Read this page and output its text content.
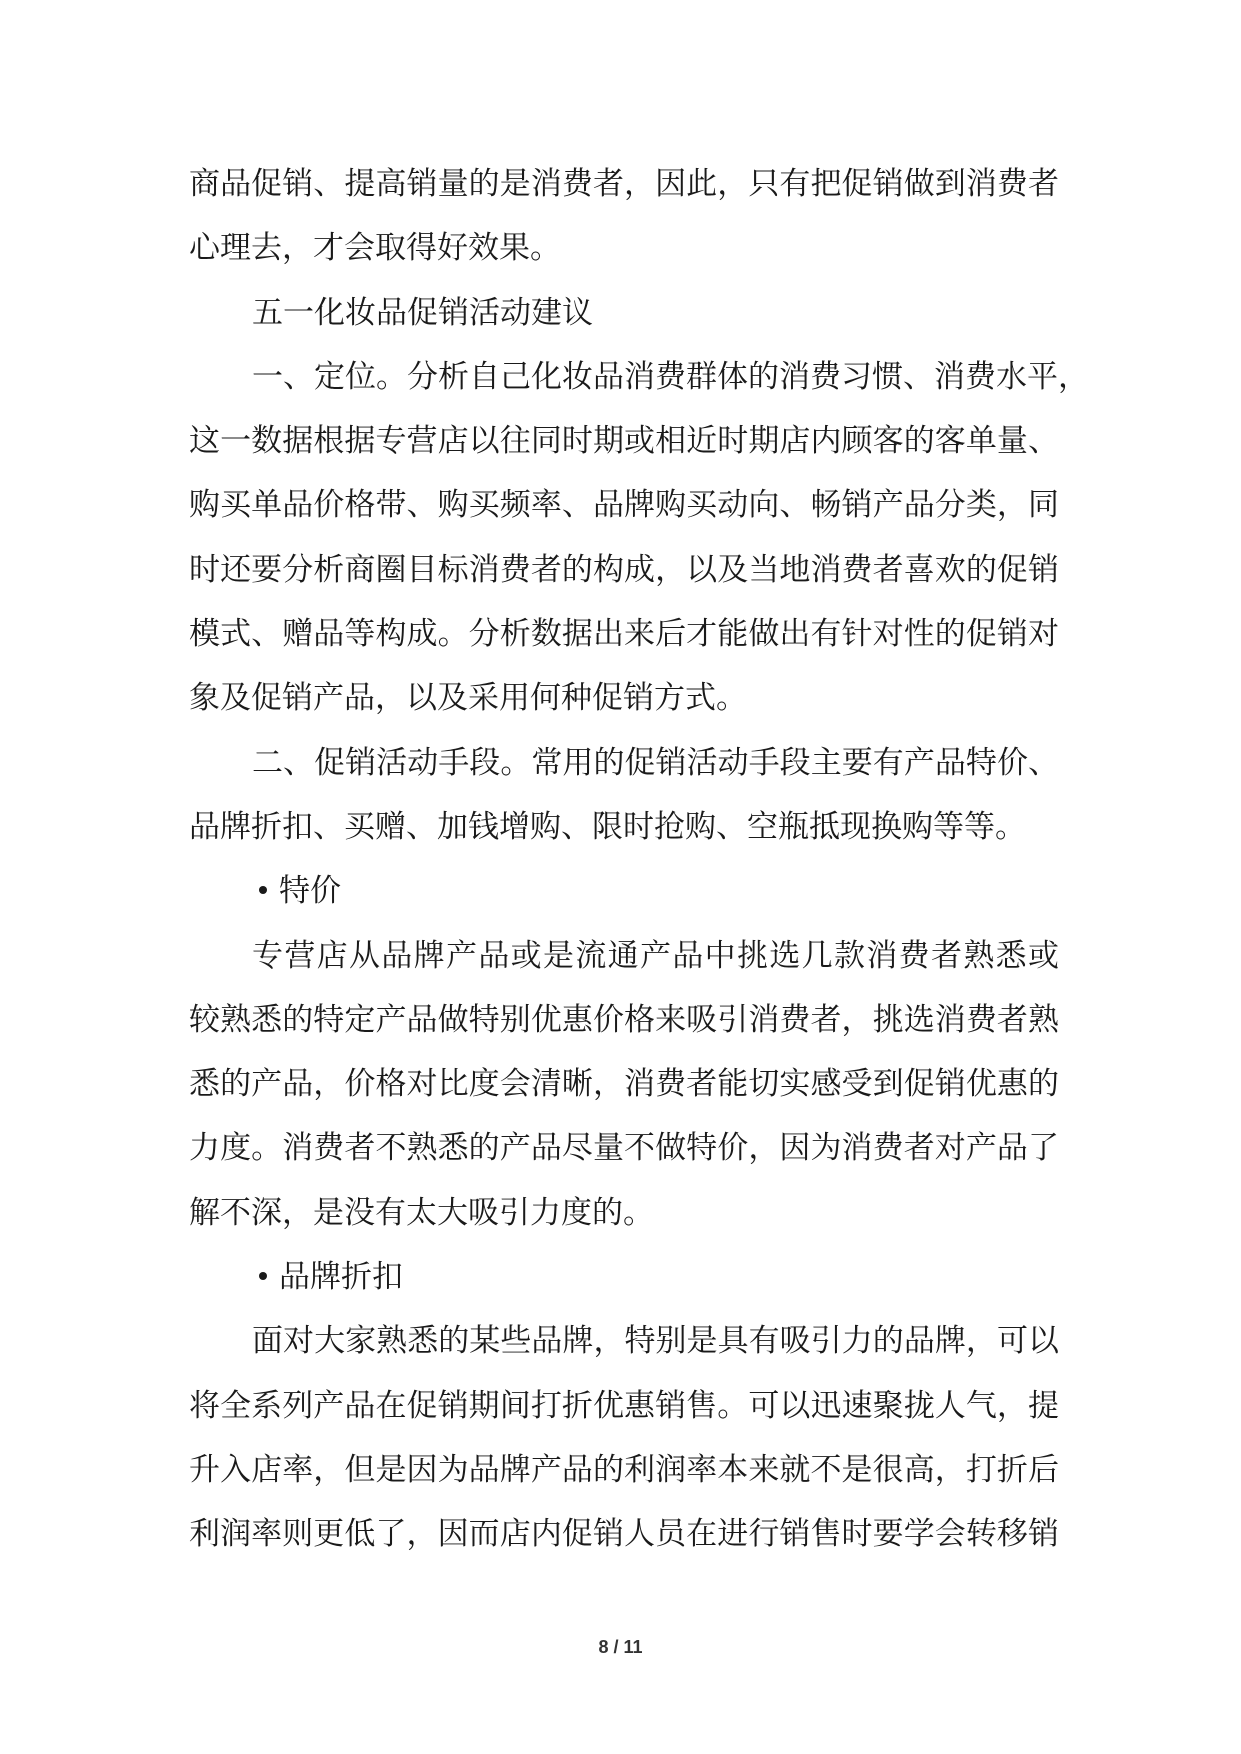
商品促销、提高销量的是消费者，因此，只有把促销做到消费者

心理去，才会取得好效果。

五一化妆品促销活动建议

一、定位。分析自己化妆品消费群体的消费习惯、消费水平，

这一数据根据专营店以往同时期或相近时期店内顾客的客单量、

购买单品价格带、购买频率、品牌购买动向、畅销产品分类，同

时还要分析商圈目标消费者的构成，以及当地消费者喜欢的促销

模式、赠品等构成。分析数据出来后才能做出有针对性的促销对

象及促销产品，以及采用何种促销方式。

二、促销活动手段。常用的促销活动手段主要有产品特价、

品牌折扣、买赠、加钱增购、限时抢购、空瓶抵现换购等等。

特价

专营店从品牌产品或是流通产品中挑选几款消费者熟悉或

较熟悉的特定产品做特别优惠价格来吸引消费者，挑选消费者熟

悉的产品，价格对比度会清晰，消费者能切实感受到促销优惠的

力度。消费者不熟悉的产品尽量不做特价，因为消费者对产品了

解不深，是没有太大吸引力度的。

品牌折扣

面对大家熟悉的某些品牌，特别是具有吸引力的品牌，可以

将全系列产品在促销期间打折优惠销售。可以迅速聚拢人气，提

升入店率，但是因为品牌产品的利润率本来就不是很高，打折后

利润率则更低了，因而店内促销人员在进行销售时要学会转移销

8 / 11
